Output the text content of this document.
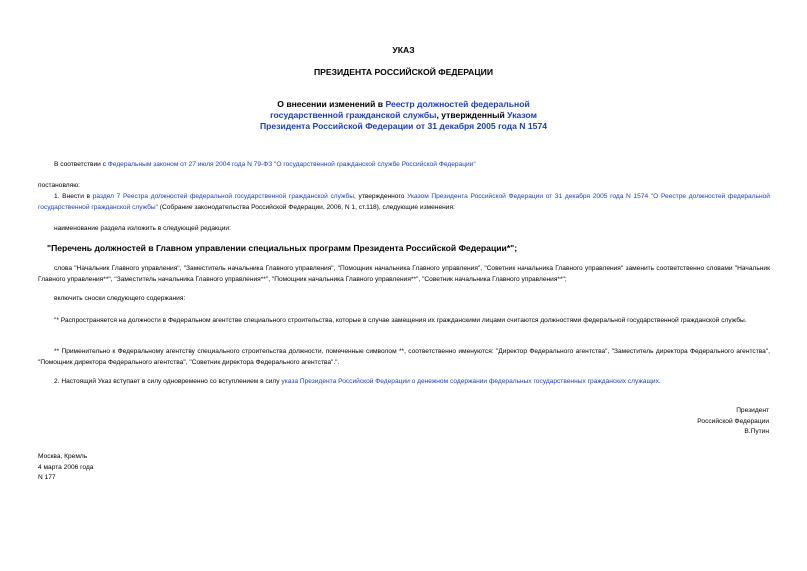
УКАЗ
ПРЕЗИДЕНТА РОССИЙСКОЙ ФЕДЕРАЦИИ
О внесении изменений в Реестр должностей федеральной государственной гражданской службы, утвержденный Указом Президента Российской Федерации от 31 декабря 2005 года N 1574
В соответствии с Федеральным законом от 27 июля 2004 года N 79-ФЗ "О государственной гражданской службе Российской Федерации"
постановляю:
1. Внести в раздел 7 Реестра должностей федеральной государственной гражданской службы, утвержденного Указом Президента Российской Федерации от 31 декабря 2005 года N 1574 "О Реестре должностей федеральной государственной гражданской службы" (Собрание законодательства Российской Федерации, 2006, N 1, ст.118), следующие изменения:
наименование раздела изложить в следующей редакции:
"Перечень должностей в Главном управлении специальных программ Президента Российской Федерации*";
слова "Начальник Главного управления", "Заместитель начальника Главного управления", "Помощник начальника Главного управления", "Советник начальника Главного управления" заменить соответственно словами "Начальник Главного управления**", "Заместитель начальника Главного управления**", "Помощник начальника Главного управления**", "Советник начальника Главного управления**";
включить сноски следующего содержания:
"* Распространяется на должности в Федеральном агентстве специального строительства, которые в случае замещения их гражданскими лицами считаются должностями федеральной государственной гражданской службы.
** Применительно к Федеральному агентству специального строительства должности, помеченные символом **, соответственно именуются: "Директор Федерального агентства", "Заместитель директора Федерального агентства", "Помощник директора Федерального агентства", "Советник директора Федерального агентства".".
2. Настоящий Указ вступает в силу одновременно со вступлением в силу указа Президента Российской Федерации о денежном содержании федеральных государственных гражданских служащих.
Президент
Российской Федерации
В.Путин
Москва, Кремль
4 марта 2006 года
N 177
